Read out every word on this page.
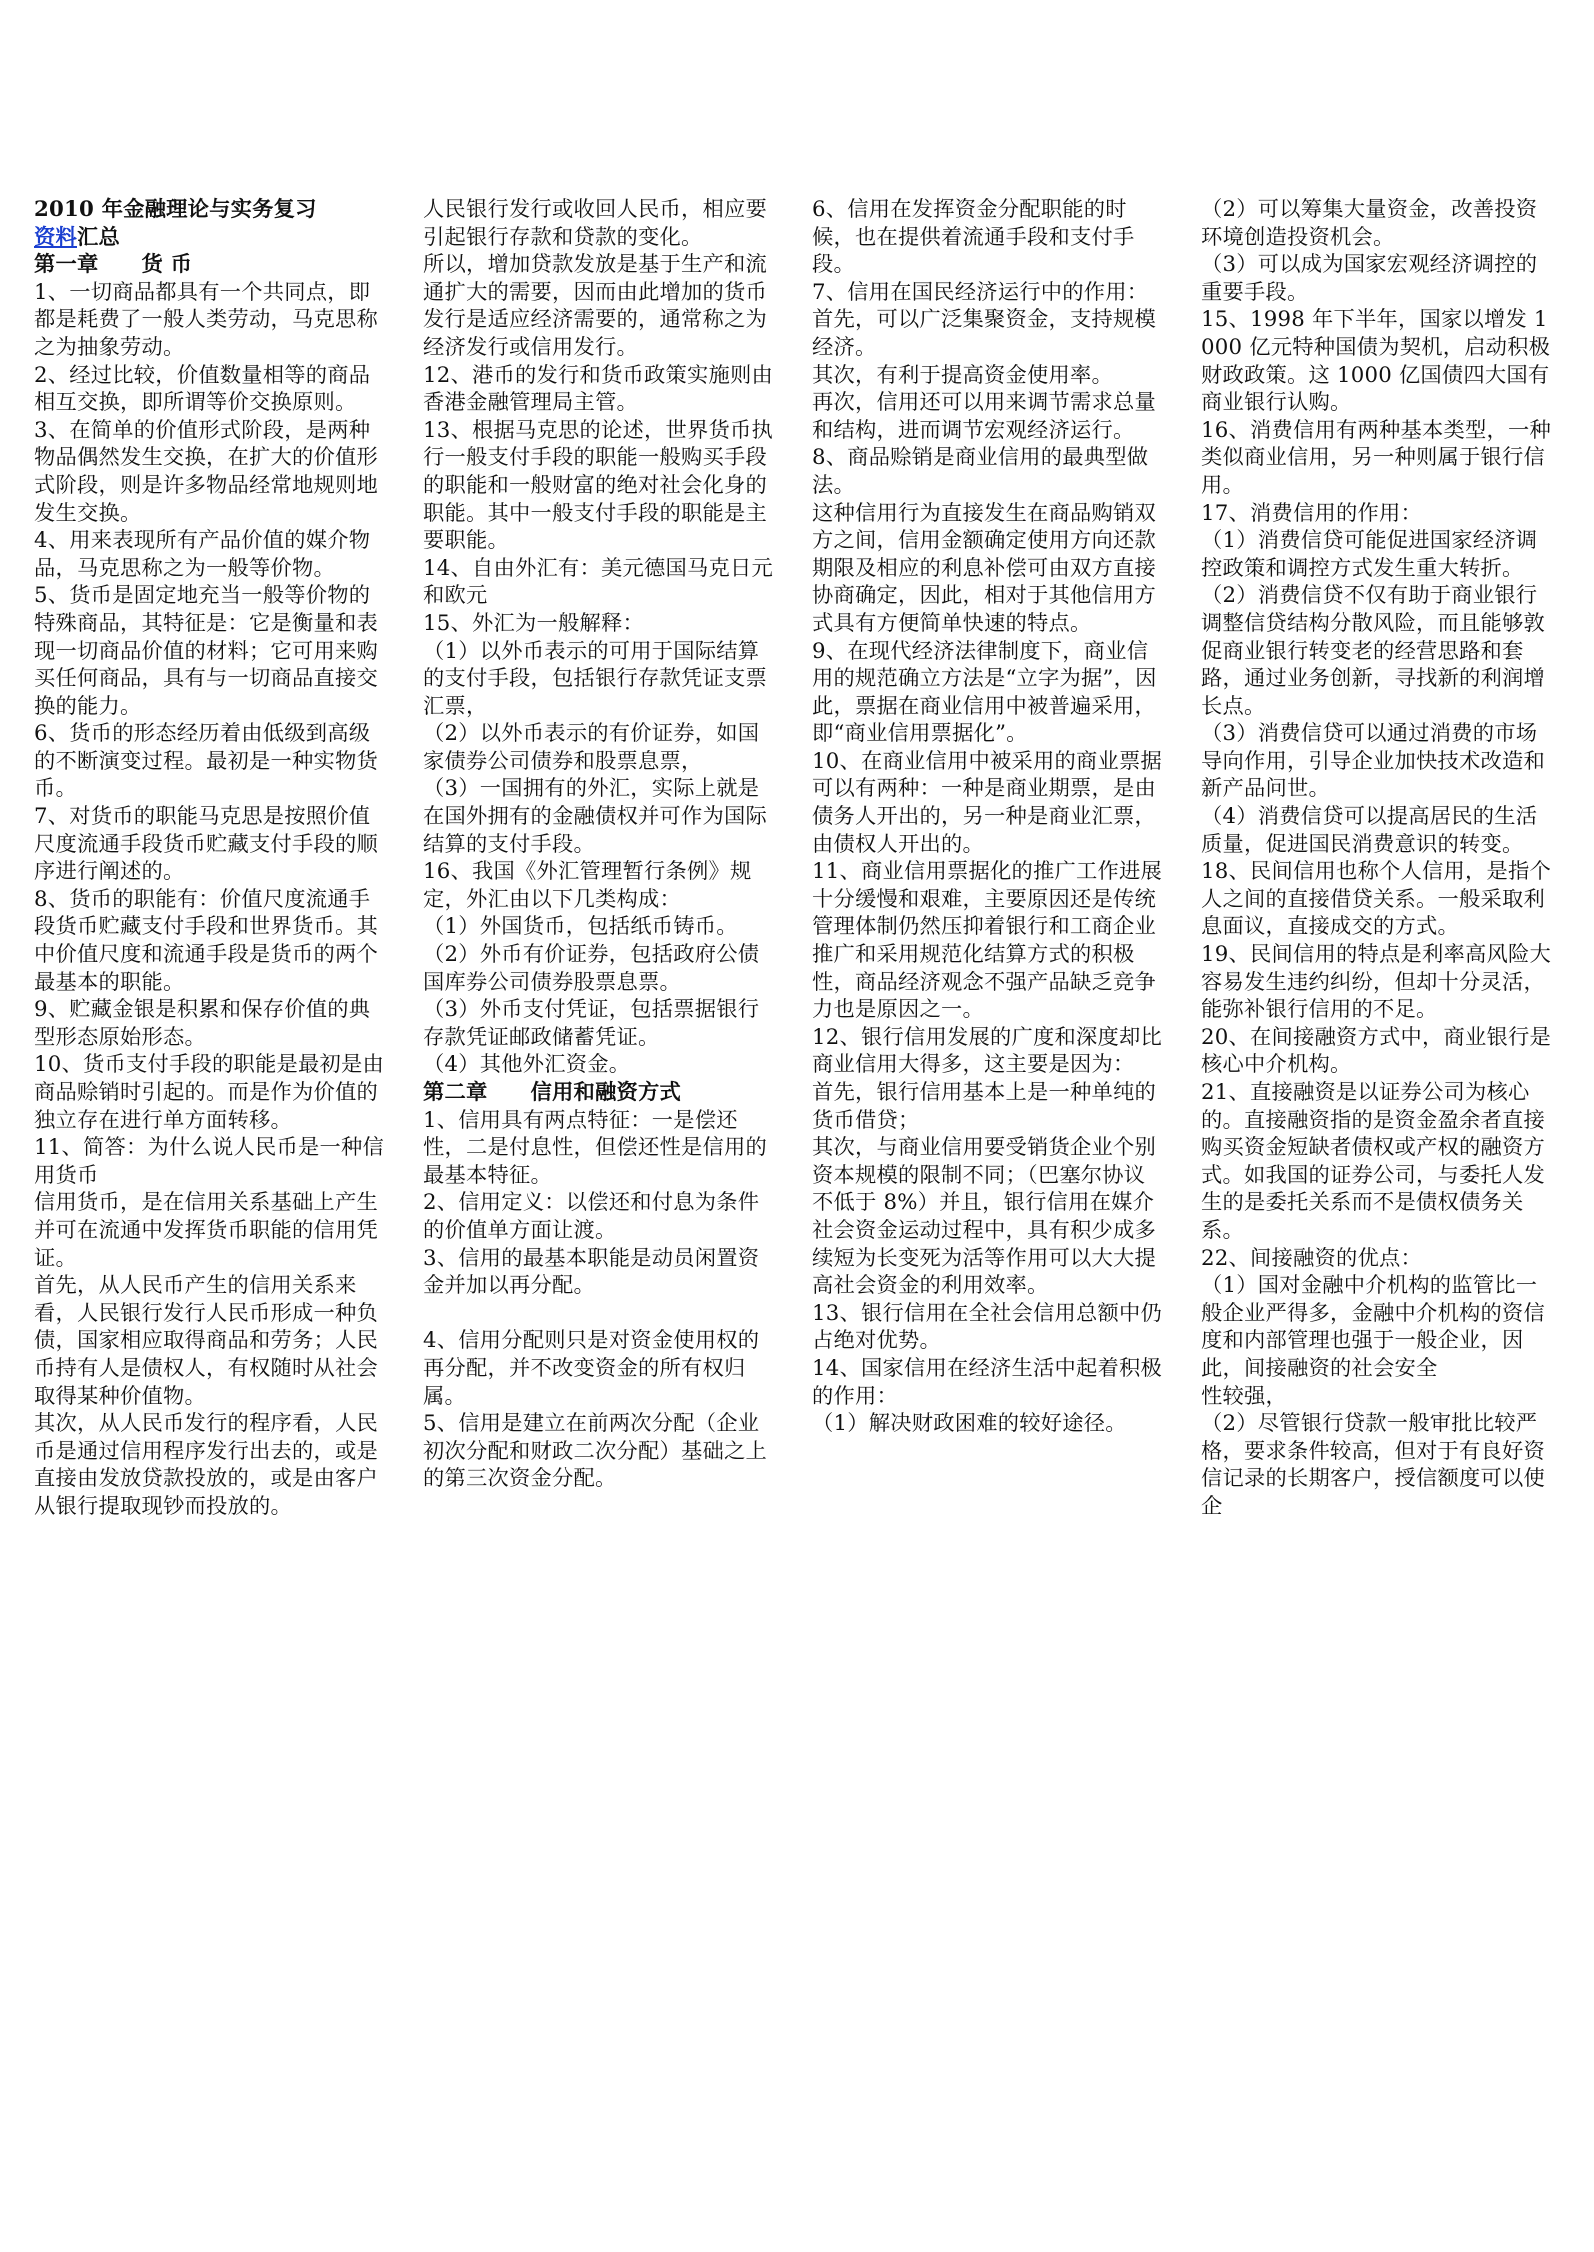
2010 年金融理论与实务复习
资料汇总

第一章　　货 币

1、一切商品都具有一个共同点，即都是耗费了一般人类劳动，马克思称之为抽象劳动。

2、经过比较，价值数量相等的商品相互交换，即所谓等价交换原则。

3、在简单的价值形式阶段，是两种物品偶然发生交换，在扩大的价值形式阶段，则是许多物品经常地规则地发生交换。

4、用来表现所有产品价值的媒介物品，马克思称之为一般等价物。

5、货币是固定地充当一般等价物的特殊商品，其特征是：它是衡量和表现一切商品价值的材料；它可用来购买任何商品，具有与一切商品直接交换的能力。

6、货币的形态经历着由低级到高级的不断演变过程。最初是一种实物货币。

7、对货币的职能马克思是按照价值尺度流通手段货币贮藏支付手段的顺序进行阐述的。

8、货币的职能有：价值尺度流通手段货币贮藏支付手段和世界货币。其中价值尺度和流通手段是货币的两个最基本的职能。

9、贮藏金银是积累和保存价值的典型形态原始形态。

10、货币支付手段的职能是最初是由商品赊销时引起的。而是作为价值的独立存在进行单方面转移。

11、简答：为什么说人民币是一种信用货币

信用货币，是在信用关系基础上产生并可在流通中发挥货币职能的信用凭证。

首先，从人民币产生的信用关系来看，人民银行发行人民币形成一种负债，国家相应取得商品和劳务；人民币持有人是债权人，有权随时从社会取得某种价值物。

其次，从人民币发行的程序看，人民币是通过信用程序发行出去的，或是直接由发放贷款投放的，或是由客户从银行提取现钞而投放的。

人民银行发行或收回人民币，相应要引起银行存款和贷款的变化。

所以，增加贷款发放是基于生产和流通扩大的需要，因而由此增加的货币发行是适应经济需要的，通常称之为经济发行或信用发行。

12、港币的发行和货币政策实施则由香港金融管理局主管。

13、根据马克思的论述，世界货币执行一般支付手段的职能一般购买手段的职能和一般财富的绝对社会化身的职能。其中一般支付手段的职能是主要职能。

14、自由外汇有：美元德国马克日元和欧元

15、外汇为一般解释：

（1）以外币表示的可用于国际结算的支付手段，包括银行存款凭证支票汇票，

（2）以外币表示的有价证券，如国家债券公司债券和股票息票，

（3）一国拥有的外汇，实际上就是在国外拥有的金融债权并可作为国际结算的支付手段。

16、我国《外汇管理暂行条例》规定，外汇由以下几类构成：

（1）外国货币，包括纸币铸币。

（2）外币有价证券，包括政府公债国库券公司债券股票息票。

（3）外币支付凭证，包括票据银行存款凭证邮政储蓄凭证。

（4）其他外汇资金。

第二章　　信用和融资方式

1、信用具有两点特征：一是偿还性，二是付息性，但偿还性是信用的最基本特征。

2、信用定义：以偿还和付息为条件的价值单方面让渡。

3、信用的最基本职能是动员闲置资金并加以再分配。

4、信用分配则只是对资金使用权的再分配，并不改变资金的所有权归属。

5、信用是建立在前两次分配（企业初次分配和财政二次分配）基础之上的第三次资金分配。

6、信用在发挥资金分配职能的时候，也在提供着流通手段和支付手段。

7、信用在国民经济运行中的作用：

首先，可以广泛集聚资金，支持规模经济。

其次，有利于提高资金使用率。

再次，信用还可以用来调节需求总量和结构，进而调节宏观经济运行。

8、商品赊销是商业信用的最典型做法。

这种信用行为直接发生在商品购销双方之间，信用金额确定使用方向还款期限及相应的利息补偿可由双方直接协商确定，因此，相对于其他信用方式具有方便简单快速的特点。

9、在现代经济法律制度下，商业信用的规范确立方法是“立字为据”，因此，票据在商业信用中被普遍采用，即“商业信用票据化”。

10、在商业信用中被采用的商业票据可以有两种：一种是商业期票，是由债务人开出的，另一种是商业汇票，由债权人开出的。

11、商业信用票据化的推广工作进展十分缓慢和艰难，主要原因还是传统管理体制仍然压抑着银行和工商企业推广和采用规范化结算方式的积极性，商品经济观念不强产品缺乏竞争力也是原因之一。

12、银行信用发展的广度和深度却比商业信用大得多，这主要是因为：

首先，银行信用基本上是一种单纯的货币借贷；

其次，与商业信用要受销货企业个别资本规模的限制不同；（巴塞尔协议不低于 8%）并且，银行信用在媒介社会资金运动过程中，具有积少成多续短为长变死为活等作用可以大大提高社会资金的利用效率。

13、银行信用在全社会信用总额中仍占绝对优势。

14、国家信用在经济生活中起着积极的作用：

（1）解决财政困难的较好途径。

（2）可以筹集大量资金，改善投资环境创造投资机会。

（3）可以成为国家宏观经济调控的重要手段。

15、1998 年下半年，国家以增发 1000 亿元特种国债为契机，启动积极财政政策。这 1000 亿国债四大国有商业银行认购。

16、消费信用有两种基本类型，一种类似商业信用，另一种则属于银行信用。

17、消费信用的作用：

（1）消费信贷可能促进国家经济调控政策和调控方式发生重大转折。

（2）消费信贷不仅有助于商业银行调整信贷结构分散风险，而且能够敦促商业银行转变老的经营思路和套路，通过业务创新，寻找新的利润增长点。

（3）消费信贷可以通过消费的市场导向作用，引导企业加快技术改造和新产品问世。

（4）消费信贷可以提高居民的生活质量，促进国民消费意识的转变。

18、民间信用也称个人信用，是指个人之间的直接借贷关系。一般采取利息面议，直接成交的方式。

19、民间信用的特点是利率高风险大容易发生违约纠纷，但却十分灵活，能弥补银行信用的不足。

20、在间接融资方式中，商业银行是核心中介机构。

21、直接融资是以证券公司为核心的。直接融资指的是资金盈余者直接购买资金短缺者债权或产权的融资方式。如我国的证券公司，与委托人发生的是委托关系而不是债权债务关系。

22、间接融资的优点：

（1）国对金融中介机构的监管比一般企业严得多，金融中介机构的资信度和内部管理也强于一般企业，因此，间接融资的社会安全

性较强，

（2）尽管银行贷款一般审批比较严格，要求条件较高，但对于有良好资信记录的长期客户，授信额度可以使企
